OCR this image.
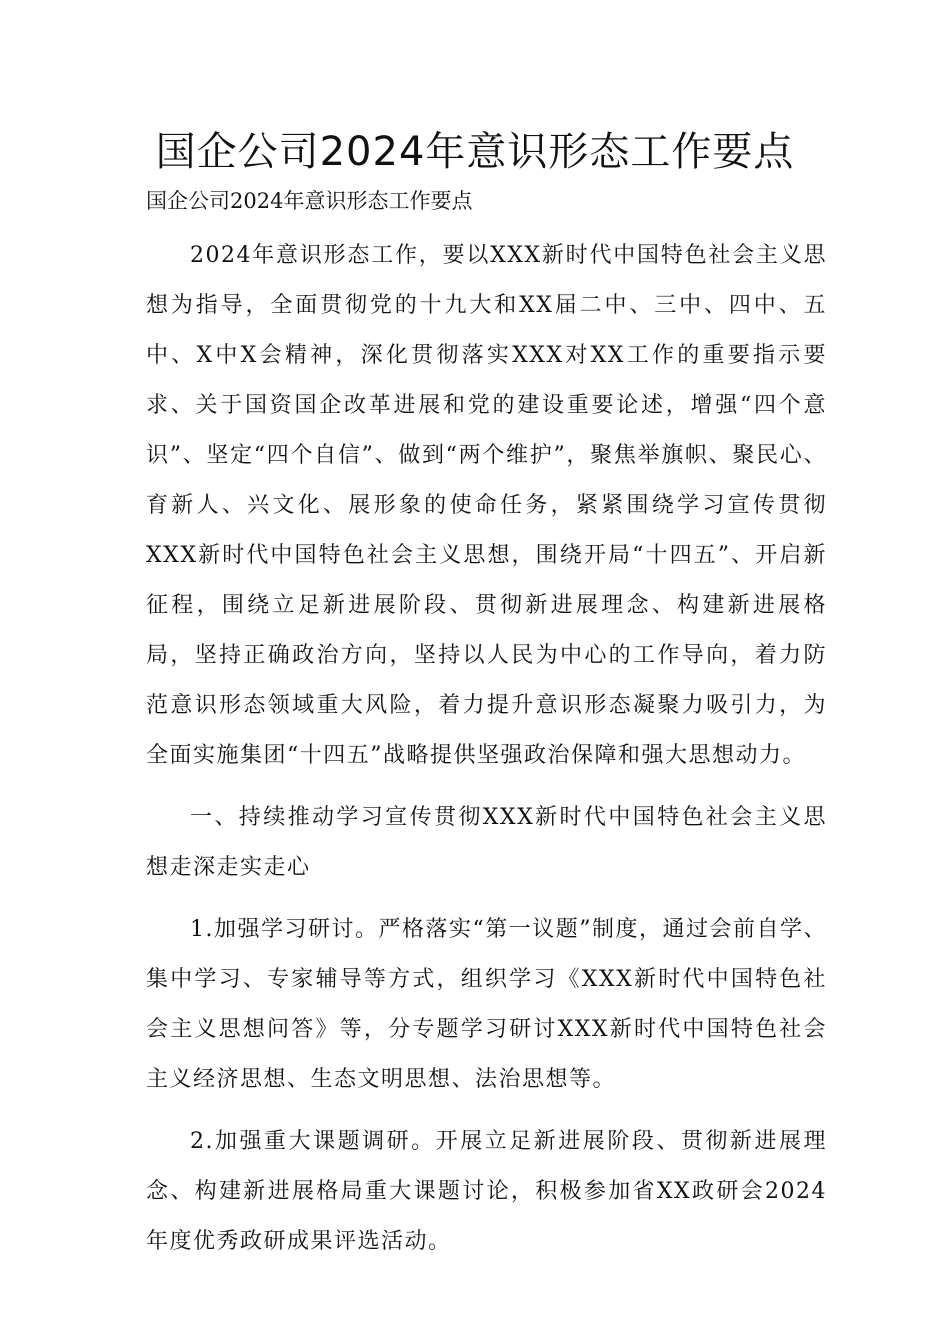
国企公司2024年意识形态工作要点
国企公司2024年意识形态工作要点

2024年意识形态工作，要以XXX新时代中国特色社会主义思想为指导，全面贯彻党的十九大和XX届二中、三中、四中、五中、X中X会精神，深化贯彻落实XXX对XX工作的重要指示要求、关于国资国企改革进展和党的建设重要论述，增强“四个意识”、坚定“四个自信”、做到“两个维护”，聚焦举旗帜、聚民心、育新人、兴文化、展形象的使命任务，紧紧围绕学习宣传贯彻XXX新时代中国特色社会主义思想，围绕开局“十四五”、开启新征程，围绕立足新进展阶段、贯彻新进展理念、构建新进展格局，坚持正确政治方向，坚持以人民为中心的工作导向，着力防范意识形态领域重大风险，着力提升意识形态凝聚力吸引力，为全面实施集团“十四五”战略提供坚强政治保障和强大思想动力。

一、持续推动学习宣传贯彻XXX新时代中国特色社会主义思想走深走实走心

1.加强学习研讨。严格落实“第一议题”制度，通过会前自学、集中学习、专家辅导等方式，组织学习《XXX新时代中国特色社会主义思想问答》等，分专题学习研讨XXX新时代中国特色社会主义经济思想、生态文明思想、法治思想等。

2.加强重大课题调研。开展立足新进展阶段、贯彻新进展理念、构建新进展格局重大课题讨论，积极参加省XX政研会2024年度优秀政研成果评选活动。
